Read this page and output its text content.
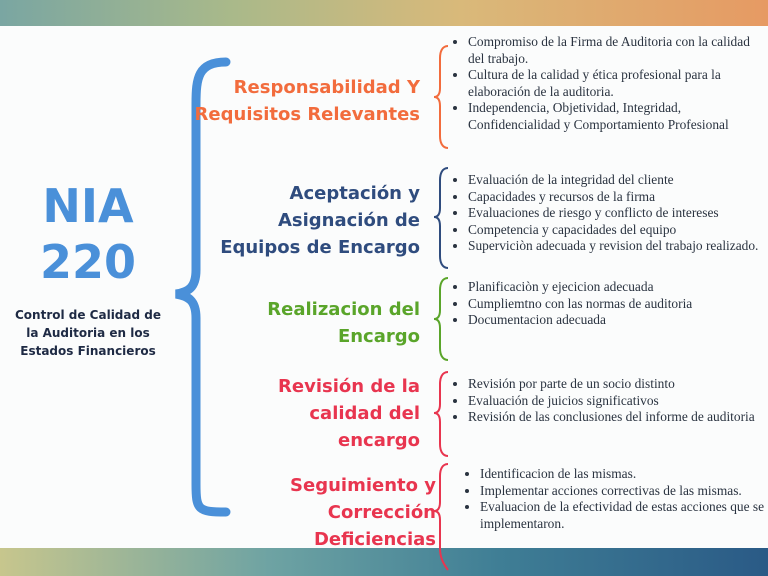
NIA 220
Control de Calidad de la Auditoria en los Estados Financieros
Responsabilidad Y Requisitos Relevantes
• Compromiso de la Firma de Auditoria con la calidad del trabajo.
• Cultura de la calidad y ética profesional para la elaboración de la auditoria.
• Independencia, Objetividad, Integridad, Confidencialidad y Comportamiento Profesional
Aceptación y Asignación de Equipos de Encargo
• Evaluación de la integridad del cliente
• Capacidades y recursos de la firma
• Evaluaciones de riesgo y conflicto de intereses
• Competencia y capacidades del equipo
• Superviciòn adecuada y revision del trabajo realizado.
Realizacion del Encargo
• Planificaciòn y ejecicion adecuada
• Cumpliemtno con las normas de auditoria
• Documentacion adecuada
Revisión de la calidad del encargo
• Revisión por parte de un socio distinto
• Evaluación de juicios significativos
• Revisión de las conclusiones del informe de auditoria
Seguimiento y Corrección Deficiencias
• Identificacion de las mismas.
• Implementar acciones correctivas de las mismas.
• Evaluacion de la efectividad de estas acciones que se implementaron.
